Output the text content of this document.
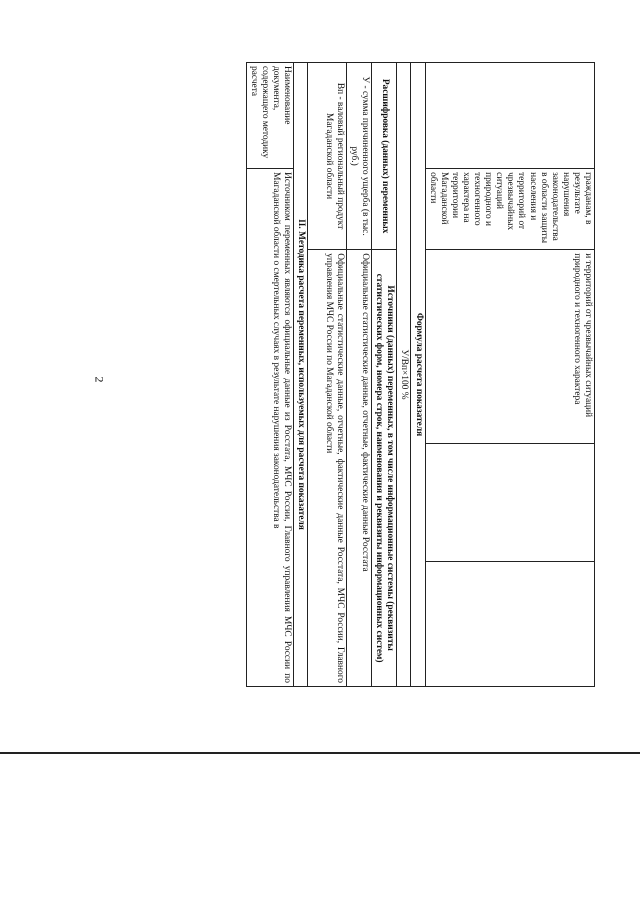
2
	гражданам, в результате нарушения законодательства в области защиты населения и территорий от чрезвычайных ситуаций природного и техногенного характера на территории Магаданской области	и территорий от чрезвычайных ситуаций природного и техногенного характера		
Формула расчета показателя				
У/Вп×100 %				
Расшифровка (данных) переменных		Источники (данных) переменных, в том числе информационные системы (реквизиты статистических форм, номера строк, наименования и реквизиты информационных систем)		
У - сумма причиненного ущерба (в тыс. руб.)		Официальные статистические данные, отчетные, фактические данные Росстата		
Вп - валовый региональный продукт Магаданской области		Официальные статистические данные, отчетные, фактические данные Росстата, МЧС России, Главного управления МЧС России по Магаданской области		
II. Методика расчета переменных, используемых для расчета показателя				
Наименование документа, содержащего методику расчета	Источником переменных являются официальные данные из Росстата, МЧС России, Главного управления МЧС России по Магаданской области о смертельных случаях в результате нарушения законодательства в			
